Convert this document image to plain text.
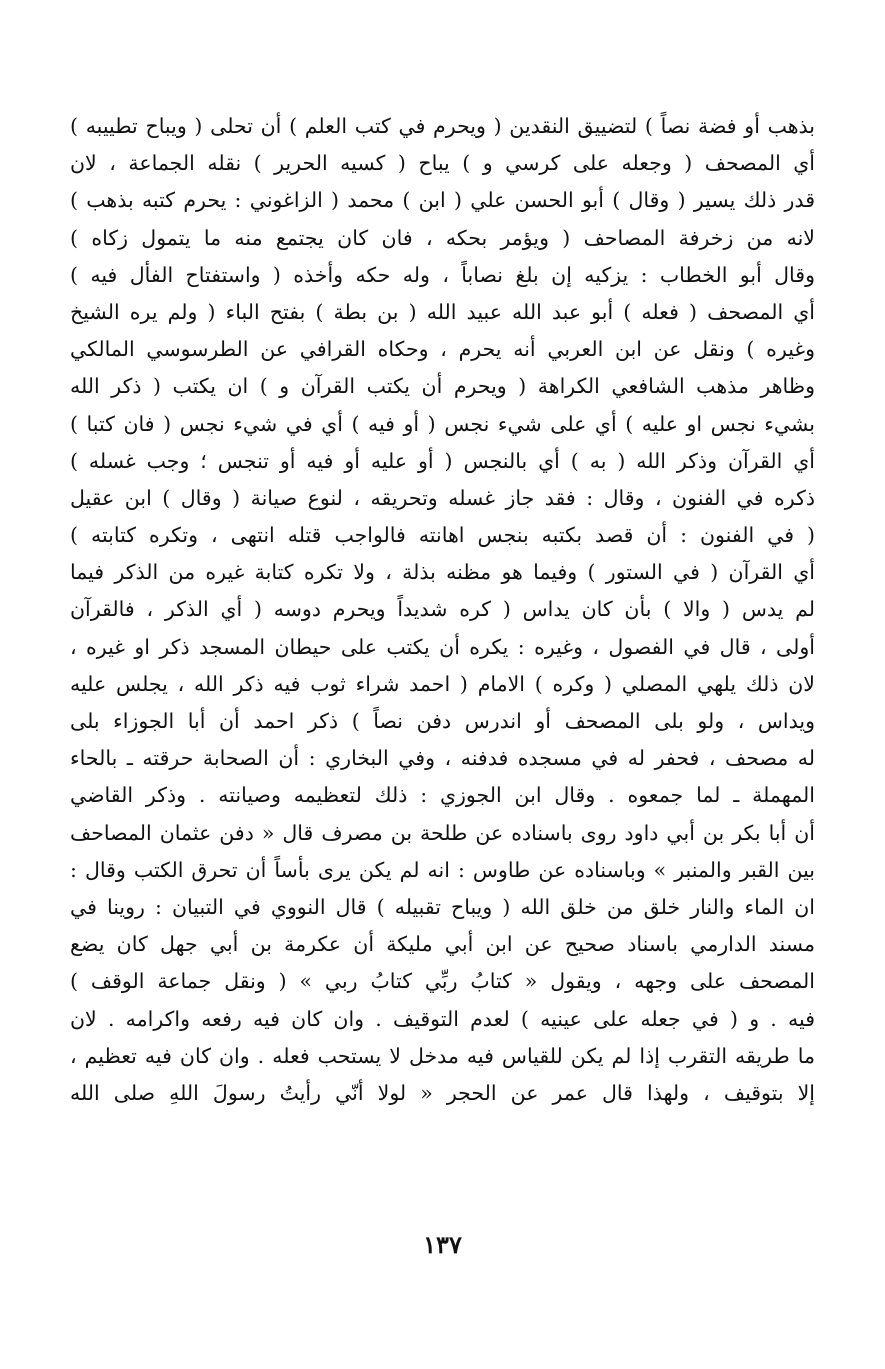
بذهب أو فضة نصاً ) لتضييق النقدين ( ويحرم في كتب العلم ) أن تحلى ( ويباح تطييبه )
أي المصحف ( وجعله على كرسي و ) يباح ( كسيه الحرير ) نقله الجماعة ، لان
قدر ذلك يسير ( وقال ) أبو الحسن علي ( ابن ) محمد ( الزاغوني : يحرم كتبه بذهب )
لانه من زخرفة المصاحف ( ويؤمر بحكه ، فان كان يجتمع منه ما يتمول زكاه )
وقال أبو الخطاب : يزكيه إن بلغ نصاباً ، وله حكه وأخذه ( واستفتاح الفأل فيه )
أي المصحف ( فعله ) أبو عبد الله عبيد الله ( بن بطة ) بفتح الباء ( ولم يره الشيخ
وغيره ) ونقل عن ابن العربي أنه يحرم ، وحكاه القرافي عن الطرسوسي المالكي
وظاهر مذهب الشافعي الكراهة ( ويحرم أن يكتب القرآن و ) ان يكتب ( ذكر الله
بشيء نجس او عليه ) أي على شيء نجس ( أو فيه ) أي في شيء نجس ( فان كتبا )
أي القرآن وذكر الله ( به ) أي بالنجس ( أو عليه أو فيه أو تنجس ؛ وجب غسله )
ذكره في الفنون ، وقال : فقد جاز غسله وتحريقه ، لنوع صيانة ( وقال ) ابن عقيل
( في الفنون : أن قصد بكتبه بنجس اهانته فالواجب قتله انتهى ، وتكره كتابته )
أي القرآن ( في الستور ) وفيما هو مظنه بذلة ، ولا تكره كتابة غيره من الذكر فيما
لم يدس ( والا ) بأن كان يداس ( كره شديداً ويحرم دوسه ( أي الذكر ، فالقرآن
أولى ، قال في الفصول ، وغيره : يكره أن يكتب على حيطان المسجد ذكر او غيره ،
لان ذلك يلهي المصلي ( وكره ) الامام ( احمد شراء ثوب فيه ذكر الله ، يجلس عليه
ويداس ، ولو بلى المصحف أو اندرس دفن نصاً ) ذكر احمد أن أبا الجوزاء بلى
له مصحف ، فحفر له في مسجده فدفنه ، وفي البخاري : أن الصحابة حرقته ـ بالحاء
المهملة ـ لما جمعوه . وقال ابن الجوزي : ذلك لتعظيمه وصيانته . وذكر القاضي
أن أبا بكر بن أبي داود روى باسناده عن طلحة بن مصرف قال « دفن عثمان المصاحف
بين القبر والمنبر » وباسناده عن طاوس : انه لم يكن يرى بأساً أن تحرق الكتب وقال :
ان الماء والنار خلق من خلق الله ( ويباح تقبيله ) قال النووي في التبيان : روينا في
مسند الدارمي باسناد صحيح عن ابن أبي مليكة أن عكرمة بن أبي جهل كان يضع
المصحف على وجهه ، ويقول « كتابُ ربِّي كتابُ ربي » ( ونقل جماعة الوقف )
فيه . و ( في جعله على عينيه ) لعدم التوقيف . وان كان فيه رفعه واكرامه . لان
ما طريقه التقرب إذا لم يكن للقياس فيه مدخل لا يستحب فعله . وان كان فيه تعظيم ،
إلا بتوقيف ، ولهذا قال عمر عن الحجر « لولا أنّي رأيتُ رسولَ اللهِ صلى الله
١٣٧
